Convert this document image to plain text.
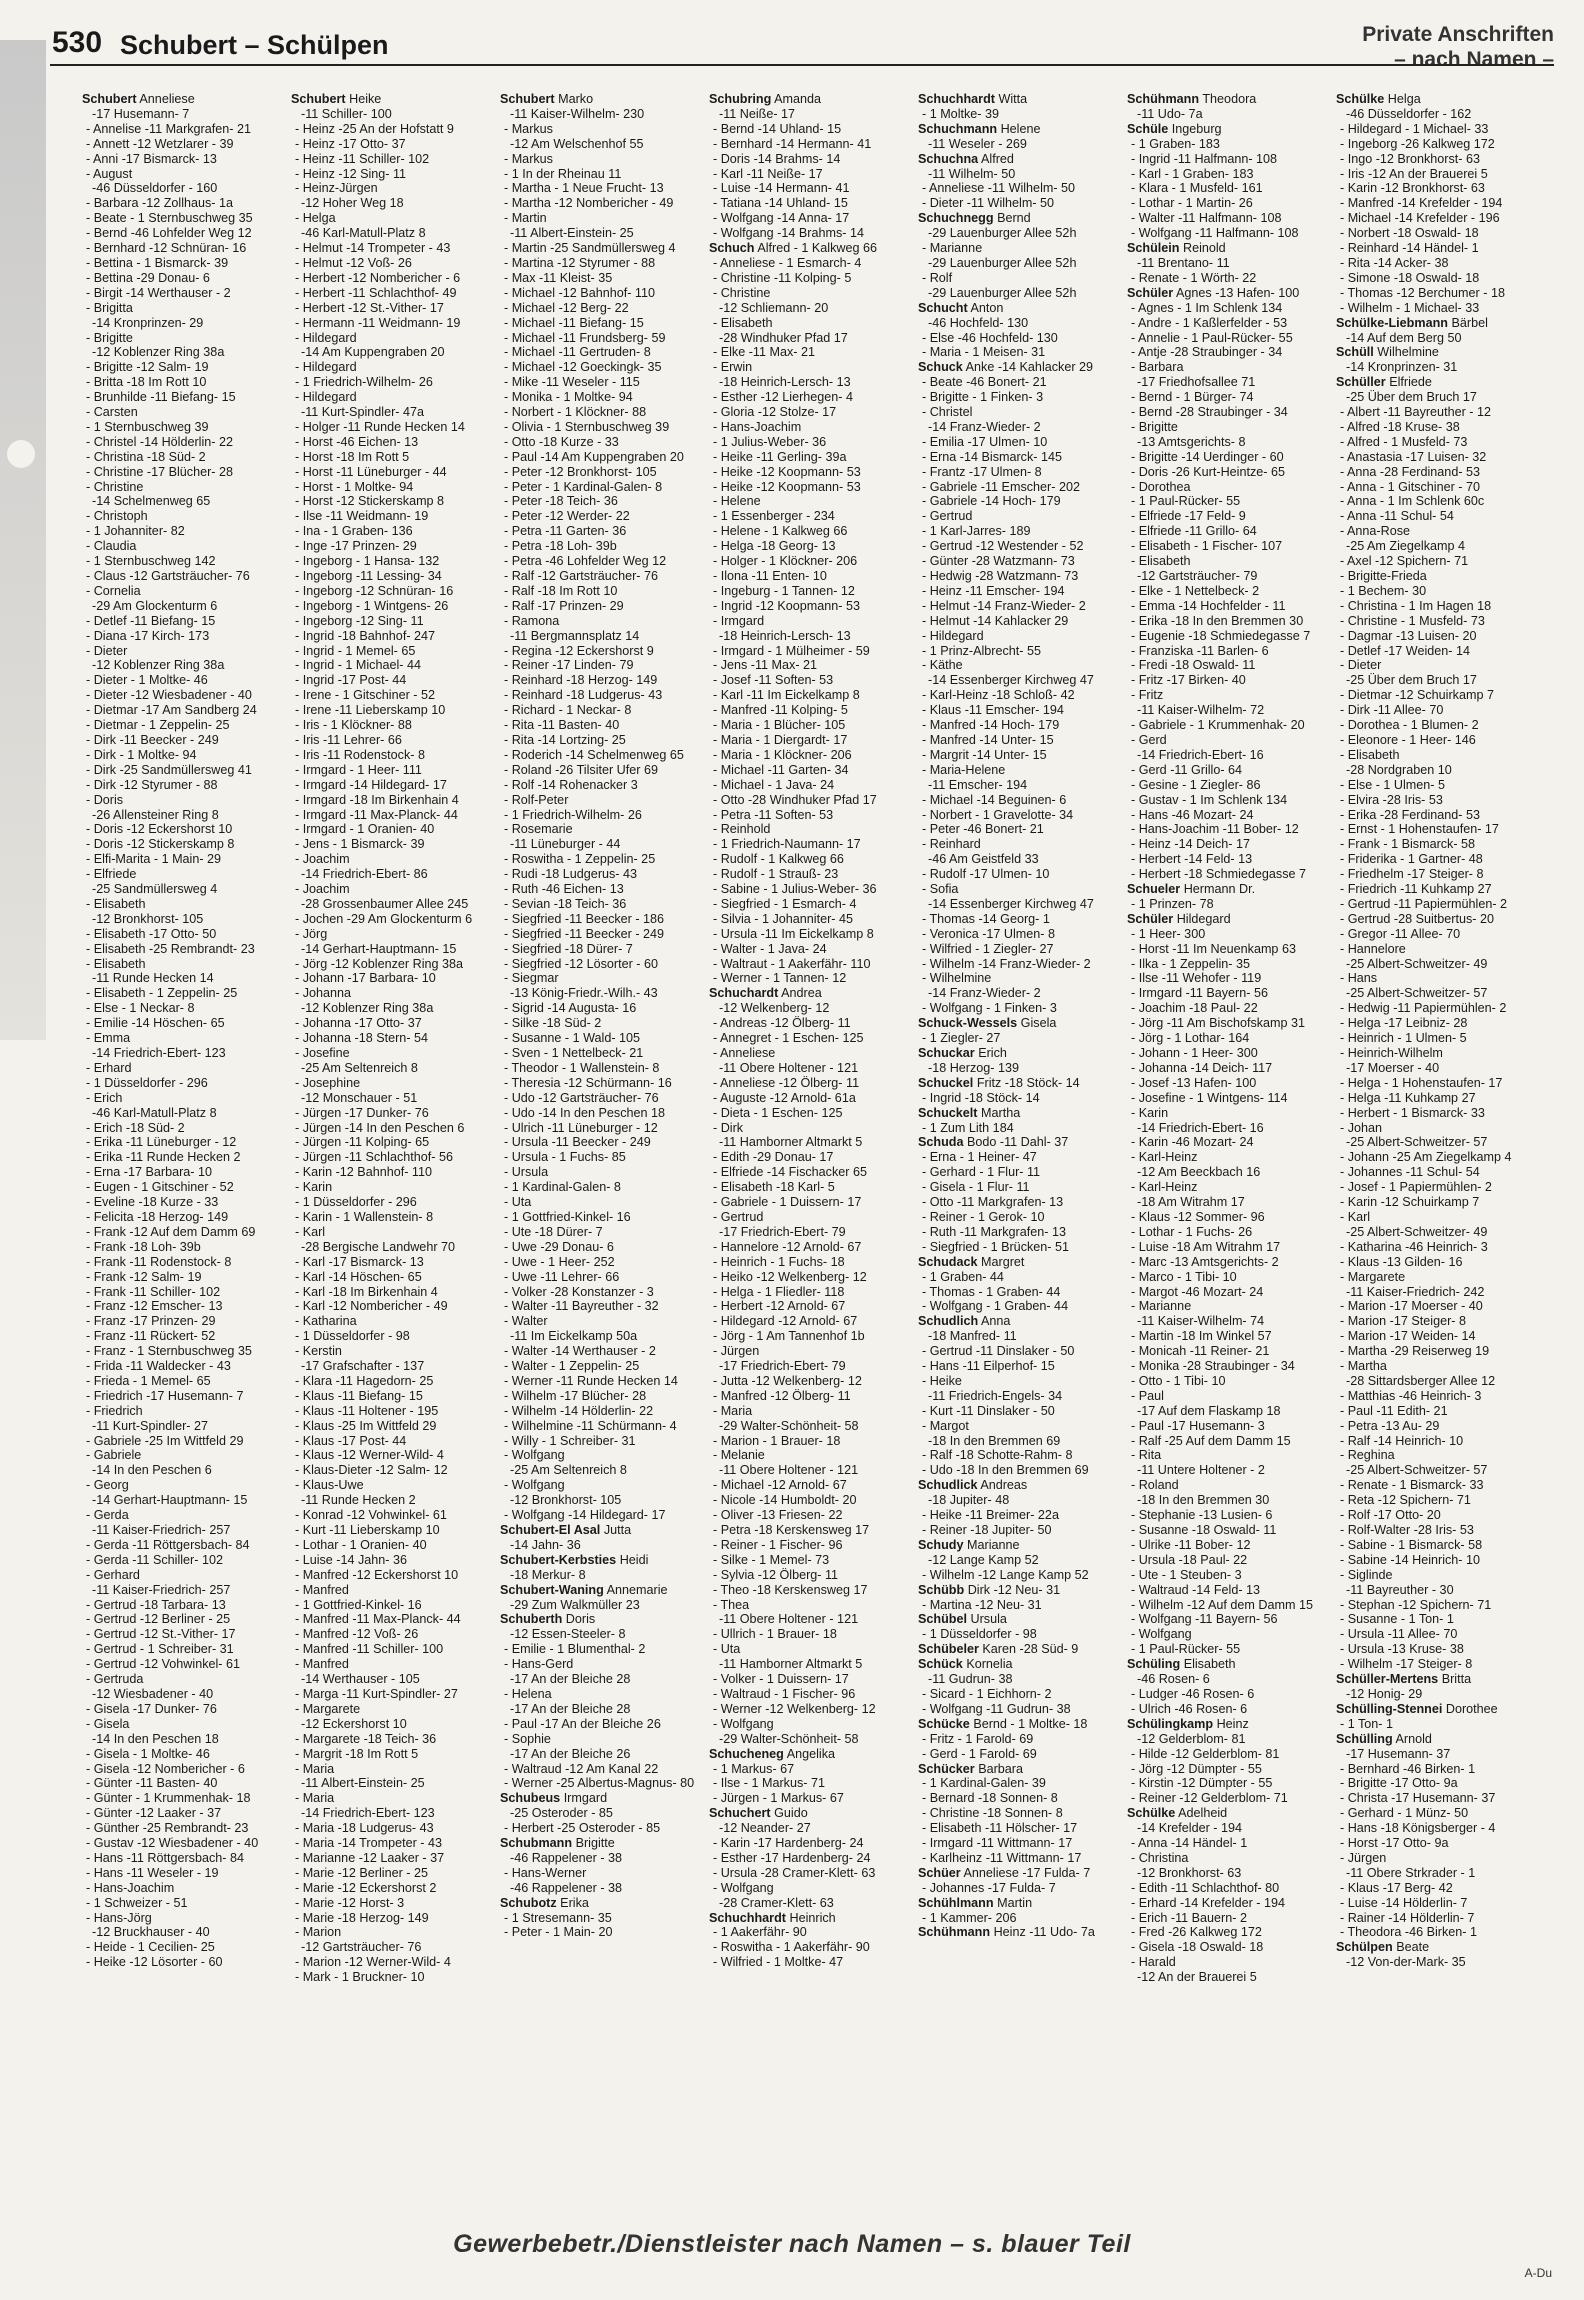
530 Schubert – Schülpen	Private Anschriften
– nach Namen –
Schubert Anneliese
-17 Husemann- 7
- Annelise -11 Markgrafen- 21
- Annett -12 Wetzlarer - 39
- Anni -17 Bismarck- 13
- August
-46 Düsseldorfer - 160
- Barbara -12 Zollhaus- 1a
- Beate - 1 Sternbuschweg 35
- Bernd -46 Lohfelder Weg 12
- Bernhard -12 Schnüran- 16
- Bettina - 1 Bismarck- 39
- Bettina -29 Donau- 6
- Birgit -14 Werthauser - 2
- Brigitta
-14 Kronprinzen- 29
- Brigitte
-12 Koblenzer Ring 38a
- Brigitte -12 Salm- 19
- Britta -18 Im Rott 10
- Brunhilde -11 Biefang- 15
- Carsten
- 1 Sternbuschweg 39
- Christel -14 Hölderlin- 22
- Christina -18 Süd- 2
- Christine -17 Blücher- 28
- Christine
-14 Schelmenweg 65
- Christoph
- 1 Johanniter- 82
- Claudia
- 1 Sternbuschweg 142
- Claus -12 Gartsträucher- 76
- Cornelia
-29 Am Glockenturm 6
- Detlef -11 Biefang- 15
- Diana -17 Kirch- 173
- Dieter
-12 Koblenzer Ring 38a
- Dieter - 1 Moltke- 46
- Dieter -12 Wiesbadener - 40
- Dietmar -17 Am Sandberg 24
- Dietmar - 1 Zeppelin- 25
- Dirk -11 Beecker - 249
- Dirk - 1 Moltke- 94
- Dirk -25 Sandmüllersweg 41
- Dirk -12 Styrumer - 88
- Doris
-26 Allensteiner Ring 8
- Doris -12 Eckershorst 10
- Doris -12 Stickerskamp 8
- Elfi-Marita - 1 Main- 29
- Elfriede
-25 Sandmüllersweg 4
- Elisabeth
-12 Bronkhorst- 105
- Elisabeth -17 Otto- 50
- Elisabeth -25 Rembrandt- 23
- Elisabeth
-11 Runde Hecken 14
- Elisabeth - 1 Zeppelin- 25
- Else - 1 Neckar- 8
- Emilie -14 Höschen- 65
- Emma
-14 Friedrich-Ebert- 123
- Erhard
- 1 Düsseldorfer - 296
- Erich
-46 Karl-Matull-Platz 8
- Erich -18 Süd- 2
- Erika -11 Lüneburger - 12
- Erika -11 Runde Hecken 2
- Erna -17 Barbara- 10
- Eugen - 1 Gitschiner - 52
- Eveline -18 Kurze - 33
- Felicita -18 Herzog- 149
- Frank -12 Auf dem Damm 69
- Frank -18 Loh- 39b
- Frank -11 Rodenstock- 8
- Frank -12 Salm- 19
- Frank -11 Schiller- 102
- Franz -12 Emscher- 13
- Franz -17 Prinzen- 29
- Franz -11 Rückert- 52
- Franz - 1 Sternbuschweg 35
- Frida -11 Waldecker - 43
- Frieda - 1 Memel- 65
- Friedrich -17 Husemann- 7
- Friedrich
-11 Kurt-Spindler- 27
- Gabriele -25 Im Wittfeld 29
- Gabriele
-14 In den Peschen 6
- Georg
-14 Gerhart-Hauptmann- 15
- Gerda
-11 Kaiser-Friedrich- 257
- Gerda -11 Röttgersbach- 84
- Gerda -11 Schiller- 102
- Gerhard
-11 Kaiser-Friedrich- 257
- Gertrud -18 Tarbara- 13
- Gertrud -12 Berliner - 25
- Gertrud -12 St.-Vither- 17
- Gertrud - 1 Schreiber- 31
- Gertrud -12 Vohwinkel- 61
- Gertruda
-12 Wiesbadener - 40
- Gisela -17 Dunker- 76
- Gisela
-14 In den Peschen 18
- Gisela - 1 Moltke- 46
- Gisela -12 Nombericher - 6
- Günter -11 Basten- 40
- Günter - 1 Krummenhak- 18
- Günter -12 Laaker - 37
- Günther -25 Rembrandt- 23
- Gustav -12 Wiesbadener - 40
- Hans -11 Röttgersbach- 84
- Hans -11 Weseler - 19
- Hans-Joachim
- 1 Schweizer - 51
- Hans-Jörg
-12 Bruckhauser - 40
- Heide - 1 Cecilien- 25
- Heike -12 Lösorter - 60
Schubert Heike
-11 Schiller- 100
- Heinz -25 An der Hofstatt 9
- Heinz -17 Otto- 37
- Heinz -11 Schiller- 102
- Heinz -12 Sing- 11
- Heinz-Jürgen
-12 Hoher Weg 18
- Helga
-46 Karl-Matull-Platz 8
- Helmut -14 Trompeter - 43
- Helmut -12 Voß- 26
- Herbert -12 Nombericher - 6
- Herbert -11 Schlachthof- 49
- Herbert -12 St.-Vither- 17
- Hermann -11 Weidmann- 19
- Hildegard
-14 Am Kuppengraben 20
- Hildegard
- 1 Friedrich-Wilhelm- 26
- Hildegard
-11 Kurt-Spindler- 47a
- Holger -11 Runde Hecken 14
- Horst -46 Eichen- 13
- Horst -18 Im Rott 5
- Horst -11 Lüneburger - 44
- Horst - 1 Moltke- 94
- Horst -12 Stickerskamp 8
- Ilse -11 Weidmann- 19
- Ina - 1 Graben- 136
- Inge -17 Prinzen- 29
- Ingeborg - 1 Hansa- 132
- Ingeborg -11 Lessing- 34
- Ingeborg -12 Schnüran- 16
- Ingeborg - 1 Wintgens- 26
- Ingeborg -12 Sing- 11
- Ingrid -18 Bahnhof- 247
- Ingrid - 1 Memel- 65
- Ingrid - 1 Michael- 44
- Ingrid -17 Post- 44
- Irene - 1 Gitschiner - 52
- Irene -11 Lieberskamp 10
- Iris - 1 Klöckner- 88
- Iris -11 Lehrer- 66
- Iris -11 Rodenstock- 8
- Irmgard - 1 Heer- 111
- Irmgard -14 Hildegard- 17
- Irmgard -18 Im Birkenhain 4
- Irmgard -11 Max-Planck- 44
- Irmgard - 1 Oranien- 40
- Jens - 1 Bismarck- 39
- Joachim
-14 Friedrich-Ebert- 86
- Joachim
-28 Grossenbaumer Allee 245
- Jochen -29 Am Glockenturm 6
- Jörg
-14 Gerhart-Hauptmann- 15
- Jörg -12 Koblenzer Ring 38a
- Johann -17 Barbara- 10
- Johanna
-12 Koblenzer Ring 38a
- Johanna -17 Otto- 37
- Johanna -18 Stern- 54
- Josefine
-25 Am Seltenreich 8
- Josephine
-12 Monschauer - 51
- Jürgen -17 Dunker- 76
- Jürgen -14 In den Peschen 6
- Jürgen -11 Kolping- 65
- Jürgen -11 Schlachthof- 56
- Karin -12 Bahnhof- 110
- Karin
- 1 Düsseldorfer - 296
- Karin - 1 Wallenstein- 8
- Karl
-28 Bergische Landwehr 70
- Karl -17 Bismarck- 13
- Karl -14 Höschen- 65
- Karl -18 Im Birkenhain 4
- Karl -12 Nombericher - 49
- Katharina
- 1 Düsseldorfer - 98
- Kerstin
-17 Grafschafter - 137
- Klara -11 Hagedorn- 25
- Klaus -11 Biefang- 15
- Klaus -11 Holtener - 195
- Klaus -25 Im Wittfeld 29
- Klaus -17 Post- 44
- Klaus -12 Werner-Wild- 4
- Klaus-Dieter -12 Salm- 12
- Klaus-Uwe
-11 Runde Hecken 2
- Konrad -12 Vohwinkel- 61
- Kurt -11 Lieberskamp 10
- Lothar - 1 Oranien- 40
- Luise -14 Jahn- 36
- Manfred -12 Eckershorst 10
- Manfred
- 1 Gottfried-Kinkel- 16
- Manfred -11 Max-Planck- 44
- Manfred -12 Voß- 26
- Manfred -11 Schiller- 100
- Manfred
-14 Werthauser - 105
- Marga -11 Kurt-Spindler- 27
- Margarete
-12 Eckershorst 10
- Margarete -18 Teich- 36
- Margrit -18 Im Rott 5
- Maria
-11 Albert-Einstein- 25
- Maria
-14 Friedrich-Ebert- 123
- Maria -18 Ludgerus- 43
- Maria -14 Trompeter - 43
- Marianne -12 Laaker - 37
- Marie -12 Berliner - 25
- Marie -12 Eckershorst 2
- Marie -12 Horst- 3
- Marie -18 Herzog- 149
- Marion
-12 Gartsträucher- 76
- Marion -12 Werner-Wild- 4
- Mark - 1 Bruckner- 10
Schubert Marko
-11 Kaiser-Wilhelm- 230
- Markus
-12 Am Welschenhof 55
- Markus
- 1 In der Rheinau 11
- Martha - 1 Neue Frucht- 13
- Martha -12 Nombericher - 49
- Martin
-11 Albert-Einstein- 25
- Martin -25 Sandmüllersweg 4
- Martina -12 Styrumer - 88
- Max -11 Kleist- 35
- Michael -12 Bahnhof- 110
- Michael -12 Berg- 22
- Michael -11 Biefang- 15
- Michael -11 Frundsberg- 59
- Michael -11 Gertruden- 8
- Michael -12 Goeckingk- 35
- Mike -11 Weseler - 115
- Monika - 1 Moltke- 94
- Norbert - 1 Klöckner- 88
- Olivia - 1 Sternbuschweg 39
- Otto -18 Kurze - 33
- Paul -14 Am Kuppengraben 20
- Peter -12 Bronkhorst- 105
- Peter - 1 Kardinal-Galen- 8
- Peter -18 Teich- 36
- Peter -12 Werder- 22
- Petra -11 Garten- 36
- Petra -18 Loh- 39b
- Petra -46 Lohfelder Weg 12
- Ralf -12 Gartsträucher- 76
- Ralf -18 Im Rott 10
- Ralf -17 Prinzen- 29
- Ramona
-11 Bergmannsplatz 14
- Regina -12 Eckershorst 9
- Reiner -17 Linden- 79
- Reinhard -18 Herzog- 149
- Reinhard -18 Ludgerus- 43
- Richard - 1 Neckar- 8
- Rita -11 Basten- 40
- Rita -14 Lortzing- 25
- Roderich -14 Schelmenweg 65
- Roland -26 Tilsiter Ufer 69
- Rolf -14 Rohenacker 3
- Rolf-Peter
- 1 Friedrich-Wilhelm- 26
- Rosemarie
-11 Lüneburger - 44
- Roswitha - 1 Zeppelin- 25
- Rudi -18 Ludgerus- 43
- Ruth -46 Eichen- 13
- Sevian -18 Teich- 36
- Siegfried -11 Beecker - 186
- Siegfried -11 Beecker - 249
- Siegfried -18 Dürer- 7
- Siegfried -12 Lösorter - 60
- Siegmar
-13 König-Friedr.-Wilh.- 43
- Sigrid -14 Augusta- 16
- Silke -18 Süd- 2
- Susanne - 1 Wald- 105
- Sven - 1 Nettelbeck- 21
- Theodor - 1 Wallenstein- 8
- Theresia -12 Schürmann- 16
- Udo -12 Gartsträucher- 76
- Udo -14 In den Peschen 18
- Ulrich -11 Lüneburger - 12
- Ursula -11 Beecker - 249
- Ursula - 1 Fuchs- 85
- Ursula
- 1 Kardinal-Galen- 8
- Uta
- 1 Gottfried-Kinkel- 16
- Ute -18 Dürer- 7
- Uwe -29 Donau- 6
- Uwe - 1 Heer- 252
- Uwe -11 Lehrer- 66
- Volker -28 Konstanzer - 3
- Walter -11 Bayreuther - 32
- Walter
-11 Im Eickelkamp 50a
- Walter -14 Werthauser - 2
- Walter - 1 Zeppelin- 25
- Werner -11 Runde Hecken 14
- Wilhelm -17 Blücher- 28
- Wilhelm -14 Hölderlin- 22
- Wilhelmine -11 Schürmann- 4
- Willy - 1 Schreiber- 31
- Wolfgang
-25 Am Seltenreich 8
- Wolfgang
-12 Bronkhorst- 105
- Wolfgang -14 Hildegard- 17
Schubert-El Asal Jutta
-14 Jahn- 36
Schubert-Kerbsties Heidi
-18 Merkur- 8
Schubert-Waning Annemarie
-29 Zum Walkmüller 23
Schuberth Doris
-12 Essen-Steeler- 8
- Emilie - 1 Blumenthal- 2
- Hans-Gerd
-17 An der Bleiche 28
- Helena
-17 An der Bleiche 28
- Paul -17 An der Bleiche 26
- Sophie
-17 An der Bleiche 26
- Waltraud -12 Am Kanal 22
- Werner -25 Albertus-Magnus- 80
Schubeus Irmgard
-25 Osteroder - 85
- Herbert -25 Osteroder - 85
Schubmann Brigitte
-46 Rappelener - 38
- Hans-Werner
-46 Rappelener - 38
Schubotz Erika
- 1 Stresemann- 35
- Peter - 1 Main- 20
Schubring Amanda
-11 Neiße- 17
- Bernd -14 Uhland- 15
- Bernhard -14 Hermann- 41
- Doris -14 Brahms- 14
- Karl -11 Neiße- 17
- Luise -14 Hermann- 41
- Tatiana -14 Uhland- 15
- Wolfgang -14 Anna- 17
- Wolfgang -14 Brahms- 14
Schuch Alfred - 1 Kalkweg 66
- Anneliese - 1 Esmarch- 4
- Christine -11 Kolping- 5
- Christine
-12 Schliemann- 20
- Elisabeth
-28 Windhuker Pfad 17
- Elke -11 Max- 21
- Erwin
-18 Heinrich-Lersch- 13
- Esther -12 Lierhegen- 4
- Gloria -12 Stolze- 17
- Hans-Joachim
- 1 Julius-Weber- 36
- Heike -11 Gerling- 39a
- Heike -12 Koopmann- 53
- Heike -12 Koopmann- 53
- Helene
- 1 Essenberger - 234
- Helene - 1 Kalkweg 66
- Helga -18 Georg- 13
- Holger - 1 Klöckner- 206
- Ilona -11 Enten- 10
- Ingeburg - 1 Tannen- 12
- Ingrid -12 Koopmann- 53
- Irmgard
-18 Heinrich-Lersch- 13
- Irmgard - 1 Mülheimer - 59
- Jens -11 Max- 21
- Josef -11 Soften- 53
- Karl -11 Im Eickelkamp 8
- Manfred -11 Kolping- 5
- Maria - 1 Blücher- 105
- Maria - 1 Diergardt- 17
- Maria - 1 Klöckner- 206
- Michael -11 Garten- 34
- Michael - 1 Java- 24
- Otto -28 Windhuker Pfad 17
- Petra -11 Soften- 53
- Reinhold
- 1 Friedrich-Naumann- 17
- Rudolf - 1 Kalkweg 66
- Rudolf - 1 Strauß- 23
- Sabine - 1 Julius-Weber- 36
- Siegfried - 1 Esmarch- 4
- Silvia - 1 Johanniter- 45
- Ursula -11 Im Eickelkamp 8
- Walter - 1 Java- 24
- Waltraut - 1 Aakerfähr- 110
- Werner - 1 Tannen- 12
Schuchardt Andrea
-12 Welkenberg- 12
- Andreas -12 Ölberg- 11
- Annegret - 1 Eschen- 125
- Anneliese
-11 Obere Holtener - 121
- Anneliese -12 Ölberg- 11
- Auguste -12 Arnold- 61a
- Dieta - 1 Eschen- 125
- Dirk
-11 Hamborner Altmarkt 5
- Edith -29 Donau- 17
- Elfriede -14 Fischacker 65
- Elisabeth -18 Karl- 5
- Gabriele - 1 Duissern- 17
- Gertrud
-17 Friedrich-Ebert- 79
- Hannelore -12 Arnold- 67
- Heinrich - 1 Fuchs- 18
- Heiko -12 Welkenberg- 12
- Helga - 1 Fliedler- 118
- Herbert -12 Arnold- 67
- Hildegard -12 Arnold- 67
- Jörg - 1 Am Tannenhof 1b
- Jürgen
-17 Friedrich-Ebert- 79
- Jutta -12 Welkenberg- 12
- Manfred -12 Ölberg- 11
- Maria
-29 Walter-Schönheit- 58
- Marion - 1 Brauer- 18
- Melanie
-11 Obere Holtener - 121
- Michael -12 Arnold- 67
- Nicole -14 Humboldt- 20
- Oliver -13 Friesen- 22
- Petra -18 Kerskensweg 17
- Reiner - 1 Fischer- 96
- Silke - 1 Memel- 73
- Sylvia -12 Ölberg- 11
- Theo -18 Kerskensweg 17
- Thea
-11 Obere Holtener - 121
- Ullrich - 1 Brauer- 18
- Uta
-11 Hamborner Altmarkt 5
- Volker - 1 Duissern- 17
- Waltraud - 1 Fischer- 96
- Werner -12 Welkenberg- 12
- Wolfgang
-29 Walter-Schönheit- 58
Schucheneg Angelika
- 1 Markus- 67
- Ilse - 1 Markus- 71
- Jürgen - 1 Markus- 67
Schuchert Guido
-12 Neander- 27
- Karin -17 Hardenberg- 24
- Esther -17 Hardenberg- 24
- Ursula -28 Cramer-Klett- 63
- Wolfgang
-28 Cramer-Klett- 63
Schuchhardt Heinrich
- 1 Aakerfähr- 90
- Roswitha - 1 Aakerfähr- 90
- Wilfried - 1 Moltke- 47
Schuchhardt Witta
- 1 Moltke- 39
Schuchmann Helene
-11 Weseler - 269
Schuchna Alfred
-11 Wilhelm- 50
- Anneliese -11 Wilhelm- 50
- Dieter -11 Wilhelm- 50
Schuchnegg Bernd
-29 Lauenburger Allee 52h
- Marianne
-29 Lauenburger Allee 52h
- Rolf
-29 Lauenburger Allee 52h
Schucht Anton
-46 Hochfeld- 130
- Else -46 Hochfeld- 130
- Maria - 1 Meisen- 31
Schuck Anke -14 Kahlacker 29
- Beate -46 Bonert- 21
- Brigitte - 1 Finken- 3
- Christel
-14 Franz-Wieder- 2
- Emilia -17 Ulmen- 10
- Erna -14 Bismarck- 145
- Frantz -17 Ulmen- 8
- Gabriele -11 Emscher- 202
- Gabriele -14 Hoch- 179
- Gertrud
- 1 Karl-Jarres- 189
- Gertrud -12 Westender - 52
- Günter -28 Watzmann- 73
- Hedwig -28 Watzmann- 73
- Heinz -11 Emscher- 194
- Helmut -14 Franz-Wieder- 2
- Helmut -14 Kahlacker 29
- Hildegard
- 1 Prinz-Albrecht- 55
- Käthe
-14 Essenberger Kirchweg 47
- Karl-Heinz -18 Schloß- 42
- Klaus -11 Emscher- 194
- Manfred -14 Hoch- 179
- Manfred -14 Unter- 15
- Margrit -14 Unter- 15
- Maria-Helene
-11 Emscher- 194
- Michael -14 Beguinen- 6
- Norbert - 1 Gravelotte- 34
- Peter -46 Bonert- 21
- Reinhard
-46 Am Geistfeld 33
- Rudolf -17 Ulmen- 10
- Sofia
-14 Essenberger Kirchweg 47
- Thomas -14 Georg- 1
- Veronica -17 Ulmen- 8
- Wilfried - 1 Ziegler- 27
- Wilhelm -14 Franz-Wieder- 2
- Wilhelmine
-14 Franz-Wieder- 2
- Wolfgang - 1 Finken- 3
Schuck-Wessels Gisela
- 1 Ziegler- 27
Schuckar Erich
-18 Herzog- 139
Schuckel Fritz -18 Stöck- 14
- Ingrid -18 Stöck- 14
Schuckelt Martha
- 1 Zum Lith 184
Schuda Bodo -11 Dahl- 37
- Erna - 1 Heiner- 47
- Gerhard - 1 Flur- 11
- Gisela - 1 Flur- 11
- Otto -11 Markgrafen- 13
- Reiner - 1 Gerok- 10
- Ruth -11 Markgrafen- 13
- Siegfried - 1 Brücken- 51
Schudack Margret
- 1 Graben- 44
- Thomas - 1 Graben- 44
- Wolfgang - 1 Graben- 44
Schudlich Anna
-18 Manfred- 11
- Gertrud -11 Dinslaker - 50
- Hans -11 Eilperhof- 15
- Heike
-11 Friedrich-Engels- 34
- Kurt -11 Dinslaker - 50
- Margot
-18 In den Bremmen 69
- Ralf -18 Schotte-Rahm- 8
- Udo -18 In den Bremmen 69
Schudlick Andreas
-18 Jupiter- 48
- Heike -11 Breimer- 22a
- Reiner -18 Jupiter- 50
Schudy Marianne
-12 Lange Kamp 52
- Wilhelm -12 Lange Kamp 52
Schübb Dirk -12 Neu- 31
- Martina -12 Neu- 31
Schübel Ursula
- 1 Düsseldorfer - 98
Schübeler Karen -28 Süd- 9
Schück Kornelia
-11 Gudrun- 38
- Sicard - 1 Eichhorn- 2
- Wolfgang -11 Gudrun- 38
Schücke Bernd - 1 Moltke- 18
- Fritz - 1 Farold- 69
- Gerd - 1 Farold- 69
Schücker Barbara
- 1 Kardinal-Galen- 39
- Bernard -18 Sonnen- 8
- Christine -18 Sonnen- 8
- Elisabeth -11 Hölscher- 17
- Irmgard -11 Wittmann- 17
- Karlheinz -11 Wittmann- 17
Schüer Anneliese -17 Fulda- 7
- Johannes -17 Fulda- 7
Schühlmann Martin
- 1 Kammer- 206
Schühmann Heinz -11 Udo- 7a
Schühmann Theodora
-11 Udo- 7a
Schüle Ingeburg
- 1 Graben- 183
- Ingrid -11 Halfmann- 108
- Karl - 1 Graben- 183
- Klara - 1 Musfeld- 161
- Lothar - 1 Martin- 26
- Walter -11 Halfmann- 108
- Wolfgang -11 Halfmann- 108
Schülein Reinold
-11 Brentano- 11
- Renate - 1 Wörth- 22
Schüler Agnes -13 Hafen- 100
- Agnes - 1 Im Schlenk 134
- Andre - 1 Kaßlerfelder - 53
- Annelie - 1 Paul-Rücker- 55
- Antje -28 Straubinger - 34
- Barbara
-17 Friedhofsallee 71
- Bernd - 1 Bürger- 74
- Bernd -28 Straubinger - 34
- Brigitte
-13 Amtsgerichts- 8
- Brigitte -14 Uerdinger - 60
- Doris -26 Kurt-Heintze- 65
- Dorothea
- 1 Paul-Rücker- 55
- Elfriede -17 Feld- 9
- Elfriede -11 Grillo- 64
- Elisabeth - 1 Fischer- 107
- Elisabeth
-12 Gartsträucher- 79
- Elke - 1 Nettelbeck- 2
- Emma -14 Hochfelder - 11
- Erika -18 In den Bremmen 30
- Eugenie -18 Schmiedegasse 7
- Franziska -11 Barlen- 6
- Fredi -18 Oswald- 11
- Fritz -17 Birken- 40
- Fritz
-11 Kaiser-Wilhelm- 72
- Gabriele - 1 Krummenhak- 20
- Gerd
-14 Friedrich-Ebert- 16
- Gerd -11 Grillo- 64
- Gesine - 1 Ziegler- 86
- Gustav - 1 Im Schlenk 134
- Hans -46 Mozart- 24
- Hans-Joachim -11 Bober- 12
- Heinz -14 Deich- 17
- Herbert -14 Feld- 13
- Herbert -18 Schmiedegasse 7
Schueler Hermann Dr.
- 1 Prinzen- 78
Schüler Hildegard
- 1 Heer- 300
- Horst -11 Im Neuenkamp 63
- Ilka - 1 Zeppelin- 35
- Ilse -11 Wehofer - 119
- Irmgard -11 Bayern- 56
- Joachim -18 Paul- 22
- Jörg -11 Am Bischofskamp 31
- Jörg - 1 Lothar- 164
- Johann - 1 Heer- 300
- Johanna -14 Deich- 117
- Josef -13 Hafen- 100
- Josefine - 1 Wintgens- 114
- Karin
-14 Friedrich-Ebert- 16
- Karin -46 Mozart- 24
- Karl-Heinz
-12 Am Beeckbach 16
- Karl-Heinz
-18 Am Witrahm 17
- Klaus -12 Sommer- 96
- Lothar - 1 Fuchs- 26
- Luise -18 Am Witrahm 17
- Marc -13 Amtsgerichts- 2
- Marco - 1 Tibi- 10
- Margot -46 Mozart- 24
- Marianne
-11 Kaiser-Wilhelm- 74
- Martin -18 Im Winkel 57
- Monicah -11 Reiner- 21
- Monika -28 Straubinger - 34
- Otto - 1 Tibi- 10
- Paul
-17 Auf dem Flaskamp 18
- Paul -17 Husemann- 3
- Ralf -25 Auf dem Damm 15
- Rita
-11 Untere Holtener - 2
- Roland
-18 In den Bremmen 30
- Stephanie -13 Lusien- 6
- Susanne -18 Oswald- 11
- Ulrike -11 Bober- 12
- Ursula -18 Paul- 22
- Ute - 1 Steuben- 3
- Waltraud -14 Feld- 13
- Wilhelm -12 Auf dem Damm 15
- Wolfgang -11 Bayern- 56
- Wolfgang
- 1 Paul-Rücker- 55
Schüling Elisabeth
-46 Rosen- 6
- Ludger -46 Rosen- 6
- Ulrich -46 Rosen- 6
Schülingkamp Heinz
-12 Gelderblom- 81
- Hilde -12 Gelderblom- 81
- Jörg -12 Dümpter - 55
- Kirstin -12 Dümpter - 55
- Reiner -12 Gelderblom- 71
Schülke Adelheid
-14 Krefelder - 194
- Anna -14 Händel- 1
- Christina
-12 Bronkhorst- 63
- Edith -11 Schlachthof- 80
- Erhard -14 Krefelder - 194
- Erich -11 Bauern- 2
- Fred -26 Kalkweg 172
- Gisela -18 Oswald- 18
- Harald
-12 An der Brauerei 5
Schülke Helga
-46 Düsseldorfer - 162
- Hildegard - 1 Michael- 33
- Ingeborg -26 Kalkweg 172
- Ingo -12 Bronkhorst- 63
- Iris -12 An der Brauerei 5
- Karin -12 Bronkhorst- 63
- Manfred -14 Krefelder - 194
- Michael -14 Krefelder - 196
- Norbert -18 Oswald- 18
- Reinhard -14 Händel- 1
- Rita -14 Acker- 38
- Simone -18 Oswald- 18
- Thomas -12 Berchumer - 18
- Wilhelm - 1 Michael- 33
Schülke-Liebmann Bärbel
-14 Auf dem Berg 50
Schüll Wilhelmine
-14 Kronprinzen- 31
Schüller Elfriede
-25 Über dem Bruch 17
- Albert -11 Bayreuther - 12
- Alfred -18 Kruse- 38
- Alfred - 1 Musfeld- 73
- Anastasia -17 Luisen- 32
- Anna -28 Ferdinand- 53
- Anna - 1 Gitschiner - 70
- Anna - 1 Im Schlenk 60c
- Anna -11 Schul- 54
- Anna-Rose
-25 Am Ziegelkamp 4
- Axel -12 Spichern- 71
- Brigitte-Frieda
- 1 Bechem- 30
- Christina - 1 Im Hagen 18
- Christine - 1 Musfeld- 73
- Dagmar -13 Luisen- 20
- Detlef -17 Weiden- 14
- Dieter
-25 Über dem Bruch 17
- Dietmar -12 Schuirkamp 7
- Dirk -11 Allee- 70
- Dorothea - 1 Blumen- 2
- Eleonore - 1 Heer- 146
- Elisabeth
-28 Nordgraben 10
- Else - 1 Ulmen- 5
- Elvira -28 Iris- 53
- Erika -28 Ferdinand- 53
- Ernst - 1 Hohenstaufen- 17
- Frank - 1 Bismarck- 58
- Friderika - 1 Gartner- 48
- Friedhelm -17 Steiger- 8
- Friedrich -11 Kuhkamp 27
- Gertrud -11 Papiermühlen- 2
- Gertrud -28 Suitbertus- 20
- Gregor -11 Allee- 70
- Hannelore
-25 Albert-Schweitzer- 49
- Hans
-25 Albert-Schweitzer- 57
- Hedwig -11 Papiermühlen- 2
- Helga -17 Leibniz- 28
- Heinrich - 1 Ulmen- 5
- Heinrich-Wilhelm
-17 Moerser - 40
- Helga - 1 Hohenstaufen- 17
- Helga -11 Kuhkamp 27
- Herbert - 1 Bismarck- 33
- Johan
-25 Albert-Schweitzer- 57
- Johann -25 Am Ziegelkamp 4
- Johannes -11 Schul- 54
- Josef - 1 Papiermühlen- 2
- Karin -12 Schuirkamp 7
- Karl
-25 Albert-Schweitzer- 49
- Katharina -46 Heinrich- 3
- Klaus -13 Gilden- 16
- Margarete
-11 Kaiser-Friedrich- 242
- Marion -17 Moerser - 40
- Marion -17 Steiger- 8
- Marion -17 Weiden- 14
- Martha -29 Reiserweg 19
- Martha
-28 Sittardsberger Allee 12
- Matthias -46 Heinrich- 3
- Paul -11 Edith- 21
- Petra -13 Au- 29
- Ralf -14 Heinrich- 10
- Reghina
-25 Albert-Schweitzer- 57
- Renate - 1 Bismarck- 33
- Reta -12 Spichern- 71
- Rolf -17 Otto- 20
- Rolf-Walter -28 Iris- 53
- Sabine - 1 Bismarck- 58
- Sabine -14 Heinrich- 10
- Siglinde
-11 Bayreuther - 30
- Stephan -12 Spichern- 71
- Susanne - 1 Ton- 1
- Ursula -11 Allee- 70
- Ursula -13 Kruse- 38
- Wilhelm -17 Steiger- 8
Schüller-Mertens Britta
-12 Honig- 29
Schülling-Stennei Dorothee
- 1 Ton- 1
Schülling Arnold
-17 Husemann- 37
- Bernhard -46 Birken- 1
- Brigitte -17 Otto- 9a
- Christa -17 Husemann- 37
- Gerhard - 1 Münz- 50
- Hans -18 Königsberger - 4
- Horst -17 Otto- 9a
- Jürgen
-11 Obere Strkrader - 1
- Klaus -17 Berg- 42
- Luise -14 Hölderlin- 7
- Rainer -14 Hölderlin- 7
- Theodora -46 Birken- 1
Schülpen Beate
-12 Von-der-Mark- 35
Gewerbebetr./Dienstleister nach Namen – s. blauer Teil
A-Du
